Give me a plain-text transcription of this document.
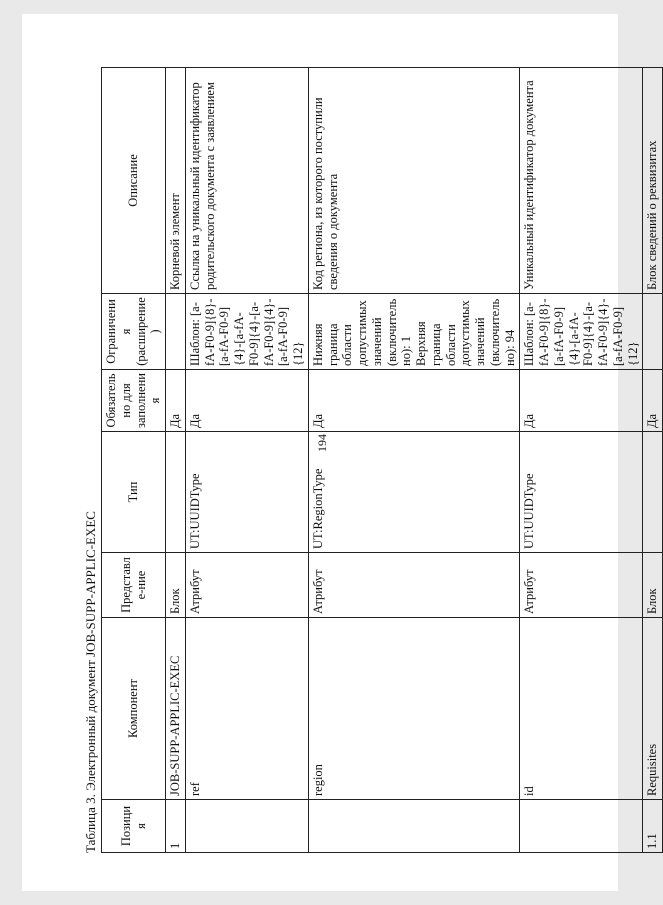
194
Таблица 3. Электронный документ JOB-SUPP-APPLIC-EXEC Позиция	Компонент	Представле-ние	Тип	Обязательно для заполнения	Ограничения (расширение)	Описание
1	JOB-SUPP-APPLIC-EXEC	Блок		Да		Корневой элемент
	ref	Атрибут	UT:UUIDType	Да	Шаблон: [a-fA-F0-9]{8}-[a-fA-F0-9]{4}-[a-fA-F0-9]{4}-[a-fA-F0-9]{4}-[a-fA-F0-9]{12}	Ссылка на уникальный идентификатор родительского документа с заявлением
	region	Атрибут	UT:RegionType	Да	Нижняя граница области допустимых значений (включительно): 1 Верхняя граница области допустимых значений (включительно): 94	Код региона, из которого поступили сведения о документа
	id	Атрибут	UT:UUIDType	Да	Шаблон: [a-fA-F0-9]{8}-[a-fA-F0-9]{4}-[a-fA-F0-9]{4}-[a-fA-F0-9]{4}-[a-fA-F0-9]{12}	Уникальный идентификатор документа
1.1	Requisites	Блок		Да		Блок сведений о реквизитах
